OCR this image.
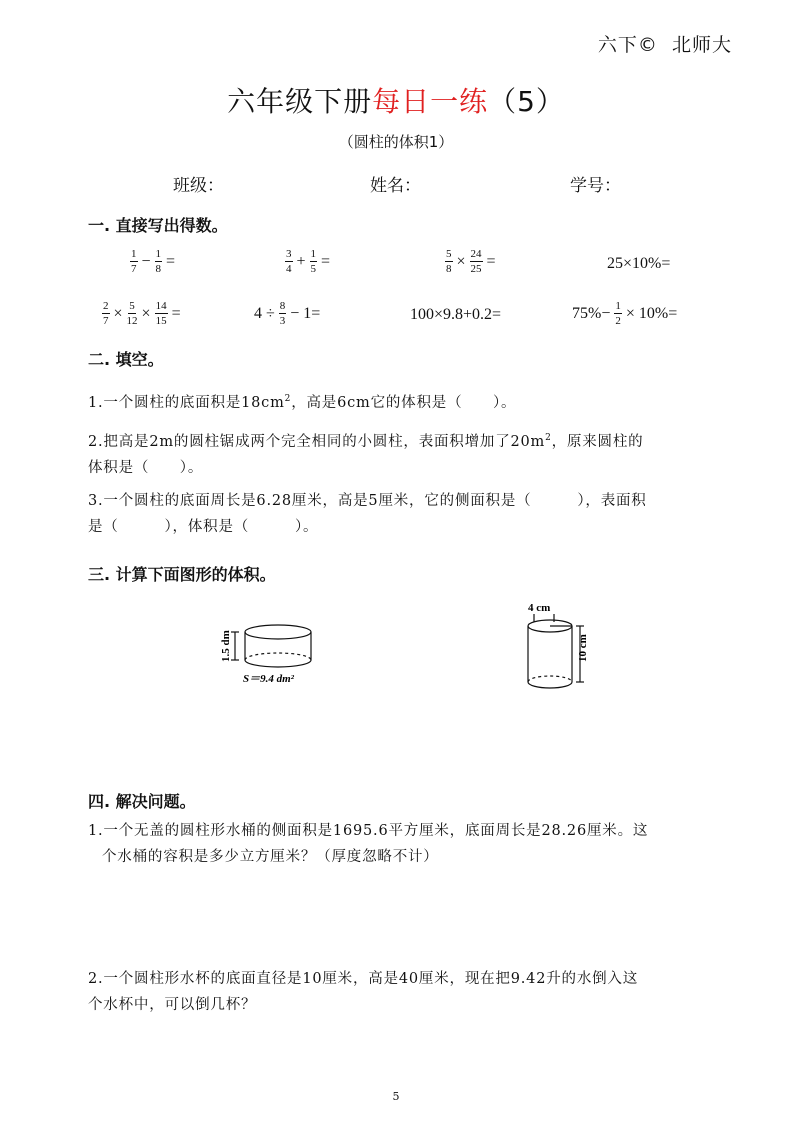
六下© 北师大
六年级下册每日一练（5）
（圆柱的体积1）
班级：	姓名：	学号：
一. 直接写出得数。
$\frac{1}{7} - \frac{1}{8}$ =	$\frac{3}{4} + \frac{1}{5}$ =	$\frac{5}{8} \times \frac{24}{25}$ =	25×10%=
$\frac{2}{7} \times \frac{5}{12} \times \frac{14}{15}$ =	$4 \div \frac{8}{3} - 1=$	100×9.8+0.2=	$75\%- \frac{1}{2} \times 10\%=$
二. 填空。
1.一个圆柱的底面积是$18cm^2$，高是6cm它的体积是（　　）。
2.把高是2m的圆柱锯成两个完全相同的小圆柱，表面积增加了$20m^2$，原来圆柱的
体积是（　　）。
3.一个圆柱的底面周长是6.28厘米，高是5厘米，它的侧面积是（　　　），表面积
是（　　　），体积是（　　　）。
三. 计算下面图形的体积。
1.5 dm
S＝9.4 dm²
4 cm
10 cm
四. 解决问题。
1.一个无盖的圆柱形水桶的侧面积是1695.6平方厘米，底面周长是28.26厘米。这
个水桶的容积是多少立方厘米？（厚度忽略不计）
2.一个圆柱形水杯的底面直径是10厘米，高是40厘米，现在把9.42升的水倒入这
个水杯中，可以倒几杯？
5
